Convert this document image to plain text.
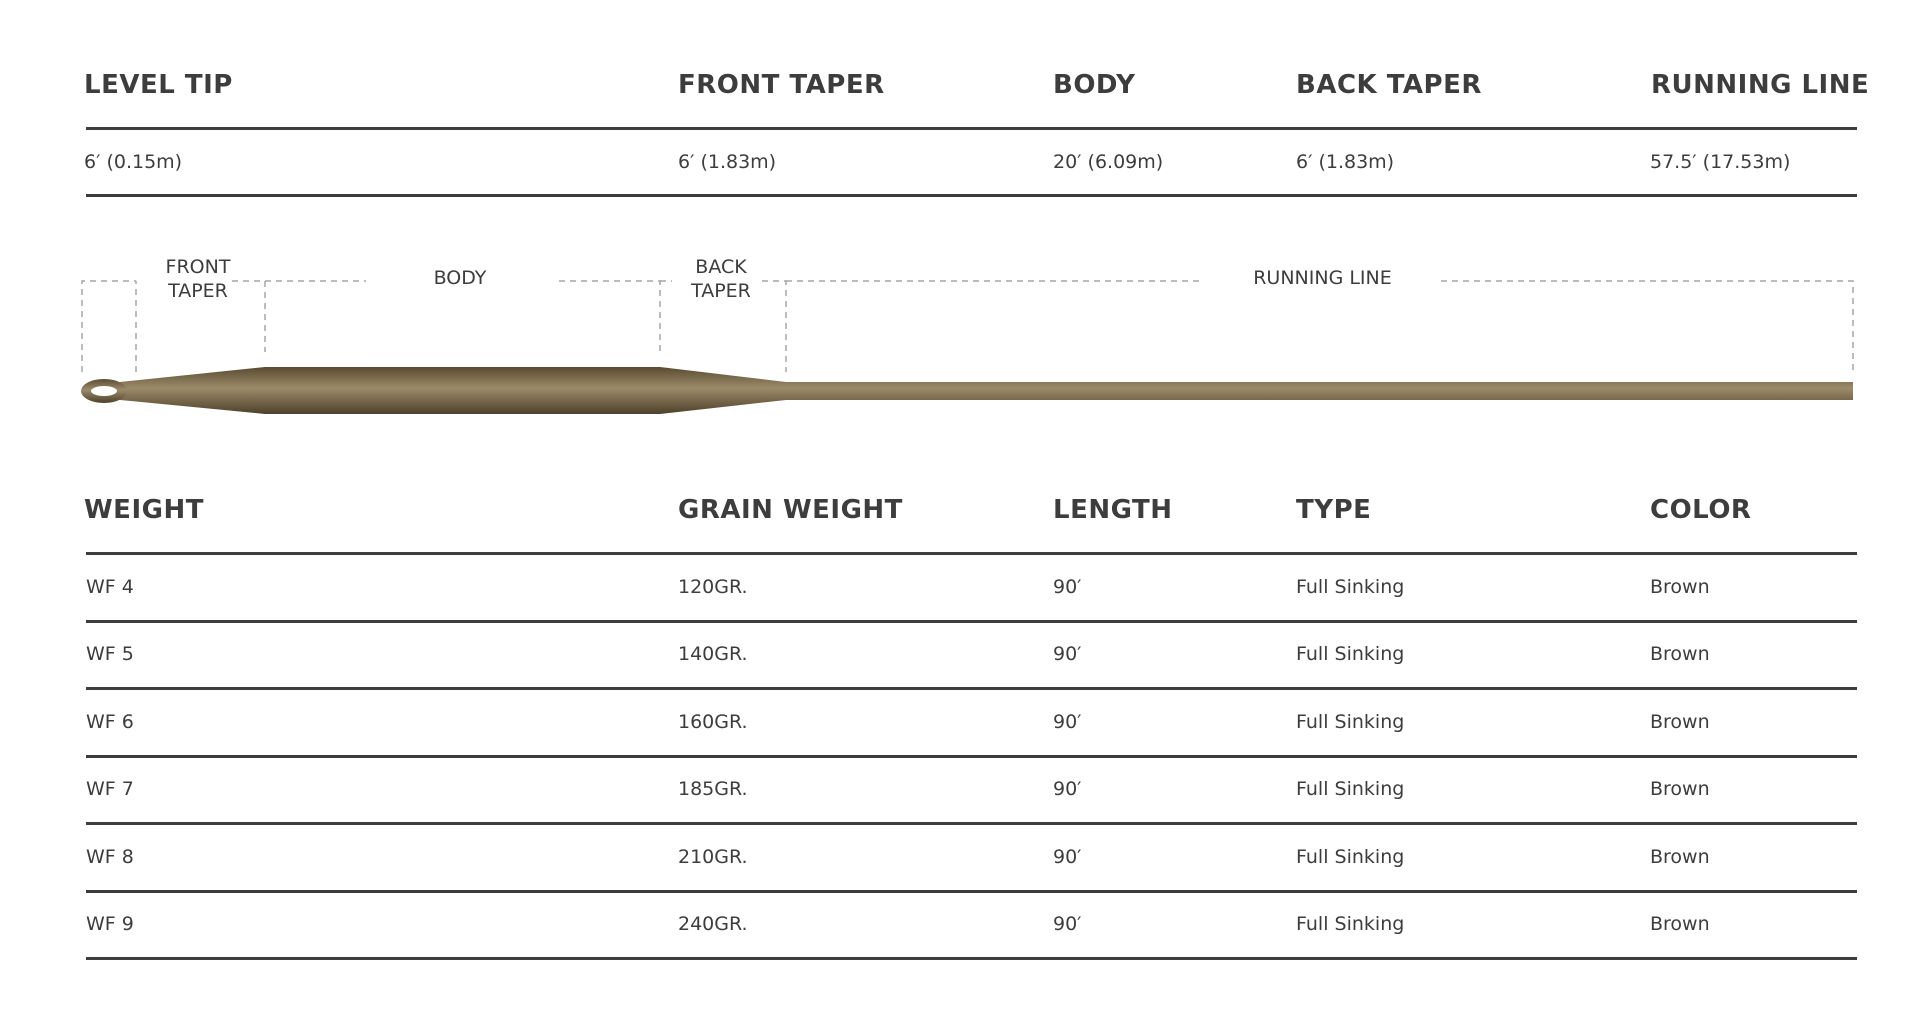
LEVEL TIP	FRONT TAPER	BODY	BACK TAPER	RUNNING LINE
6′ (0.15m)	6′ (1.83m)	20′ (6.09m)	6′ (1.83m)	57.5′ (17.53m)
FRONT
TAPER
BODY	BACK
TAPER
RUNNING LINE
WEIGHT	GRAIN WEIGHT	LENGTH	TYPE	COLOR
WF 4	120GR.	90′	Full Sinking	Brown
WF 5	140GR.	90′	Full Sinking	Brown
WF 6	160GR.	90′	Full Sinking	Brown
WF 7	185GR.	90′	Full Sinking	Brown
WF 8	210GR.	90′	Full Sinking	Brown
WF 9	240GR.	90′	Full Sinking	Brown
